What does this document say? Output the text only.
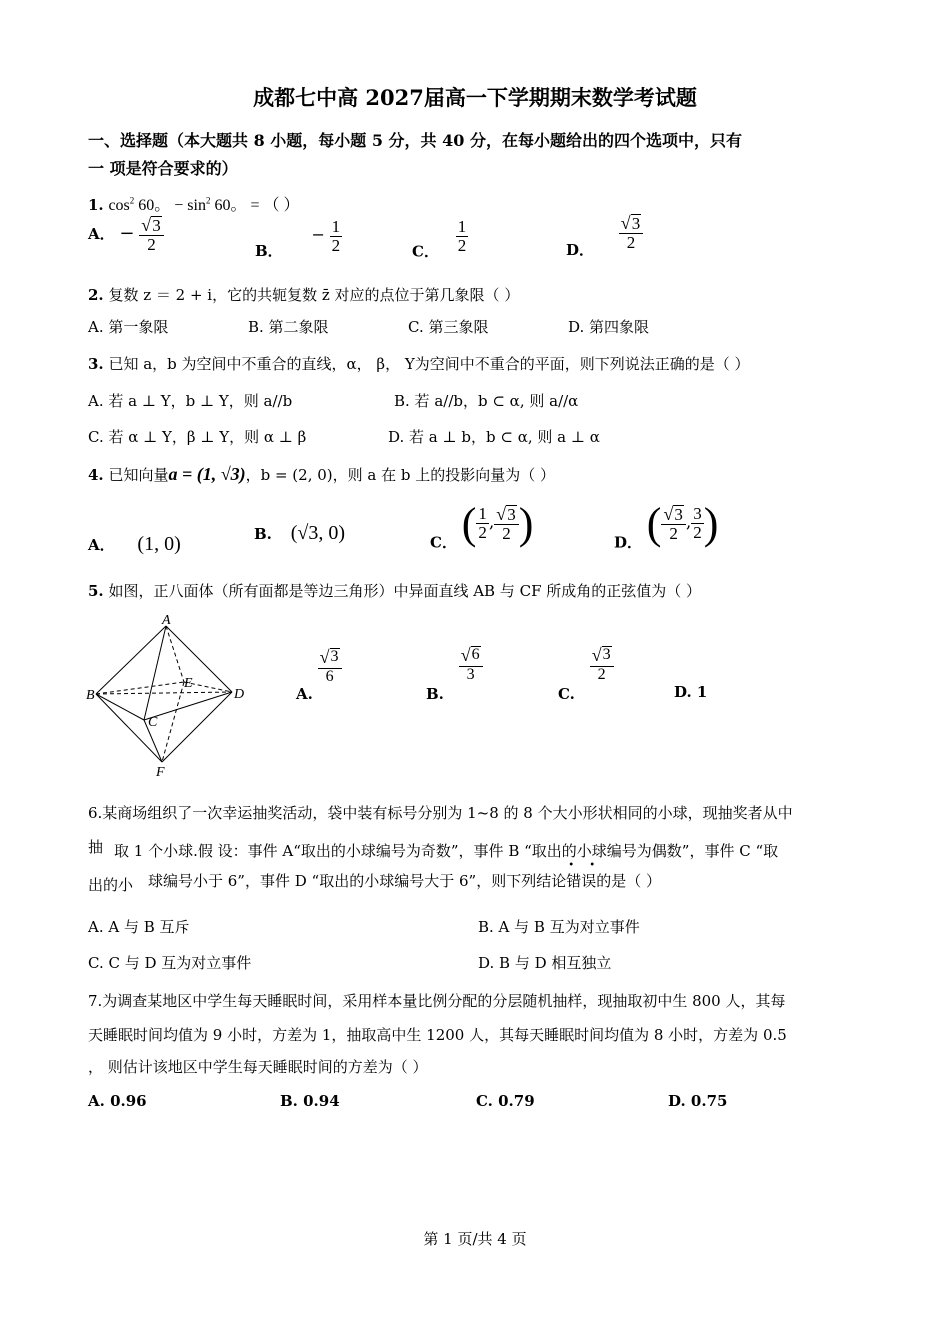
成都七中高 2027届高一下学期期末数学考试题
一、选择题（本大题共 8 小题，每小题 5 分，共 40 分，在每小题给出的四个选项中，只有
一 项是符合要求的）
1. $\cos^2 60$。 − $\sin^2 60$。 = （ ）
A． − $\frac{√ 3}{2}$	B． − $\frac{1}{2}$	C． $\frac{1}{2}$	D． $\frac{√ 3}{2}$
2. 复数 z ＝ 2 + i，它的共轭复数 z̄ 对应的点位于第几象限（ ）
A. 第一象限	B. 第二象限	C. 第三象限	D. 第四象限
3. 已知 a，b 为空间中不重合的直线，α， β， Y为空间中不重合的平面，则下列说法正确的是（ ）
A. 若 a ⊥ Y，b ⊥ Y，则 a//b	B. 若 a//b，b ⊂ α, 则 a//α
C. 若 α ⊥ Y，β ⊥ Y，则 α ⊥ β	D. 若 a ⊥ b，b ⊂ α, 则 a ⊥ α
4. 已知向量a = (1, √3)，b = (2, 0)，则 a 在 b 上的投影向量为（ ）
A． (1, 0)	B. (√3, 0)	C． ( $\frac{1}{2}$ , $\frac{√ 3}{2}$ )	D． ( $\frac{√ 3}{2}$ , $\frac{3}{2}$ )
5. 如图，正八面体（所有面都是等边三角形）中异面直线 AB 与 CF 所成角的正弦值为（ ）
A
B
C
D
E
F
A.
$\frac{√ 3}{6}$
B.
$\frac{√ 6}{3}$
C.
$\frac{√ 3}{2}$
D. 1
6.某商场组织了一次幸运抽奖活动，袋中装有标号分别为 1~8 的 8 个大小形状相同的小球，现抽奖者从中
抽 取 1 个小球.假 设：事件 A“取出的小球编号为奇数”，事件 B “取出的小球编号为偶数”，事件 C “取
出的小 球编号小于 6”，事件 D “取出的小球编号大于 6”，则下列结论
• •
错误的是（ ）
A. A 与 B 互斥	B. A 与 B 互为对立事件
C. C 与 D 互为对立事件	D. B 与 D 相互独立
7.为调查某地区中学生每天睡眠时间，采用样本量比例分配的分层随机抽样，现抽取初中生 800 人，其每
天睡眠时间均值为 9 小时，方差为 1，抽取高中生 1200 人，其每天睡眠时间均值为 8 小时，方差为 0.5
， 则估计该地区中学生每天睡眠时间的方差为（ ）
A. 0.96	B. 0.94	C. 0.79	D. 0.75
第 1 页/共 4 页
